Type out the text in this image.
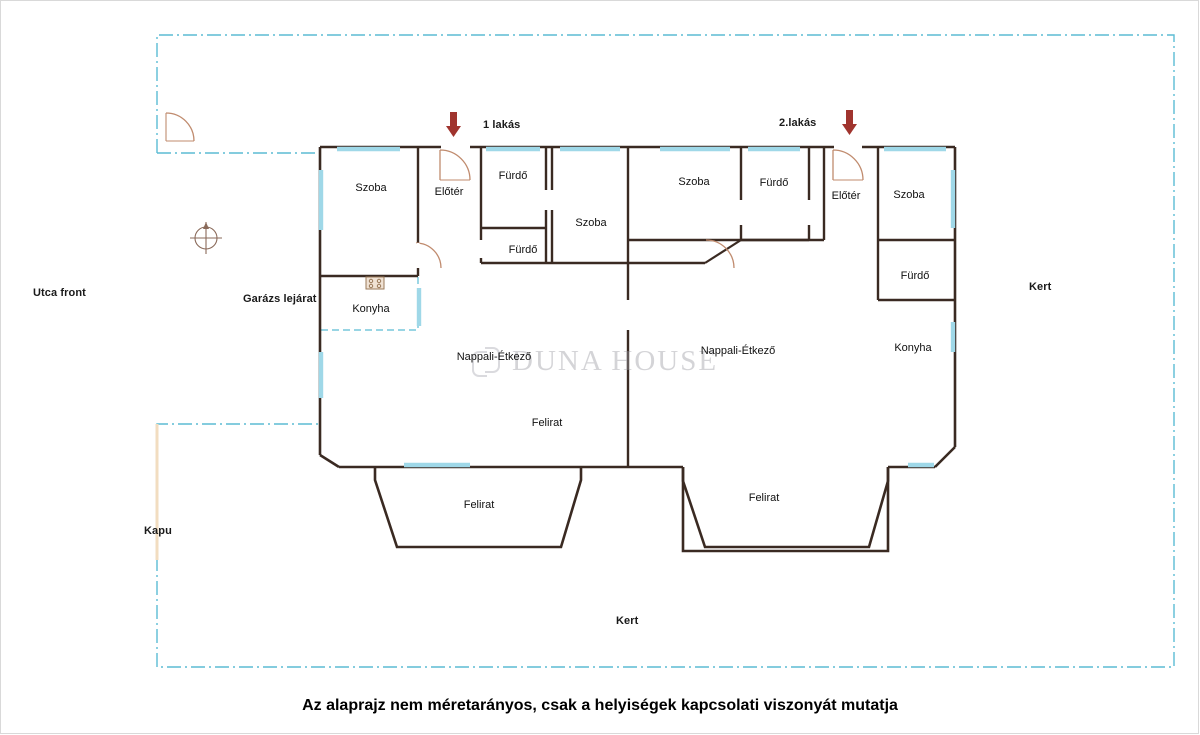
i
DUNA HOUSE
Utca front	Kert
Kapu
Kert
Garázs lejárat
1 lakás	2.lakás
Szoba	Előtér
Fürdő
Fürdő
Szoba
Konyha
Nappali-Étkező
Felirat
Szoba	Fürdő
Előtér	Szoba
Fürdő
Konyha
Nappali-Étkező
Felirat
Felirat
Az alaprajz nem méretarányos, csak a helyiségek kapcsolati viszonyát mutatja
